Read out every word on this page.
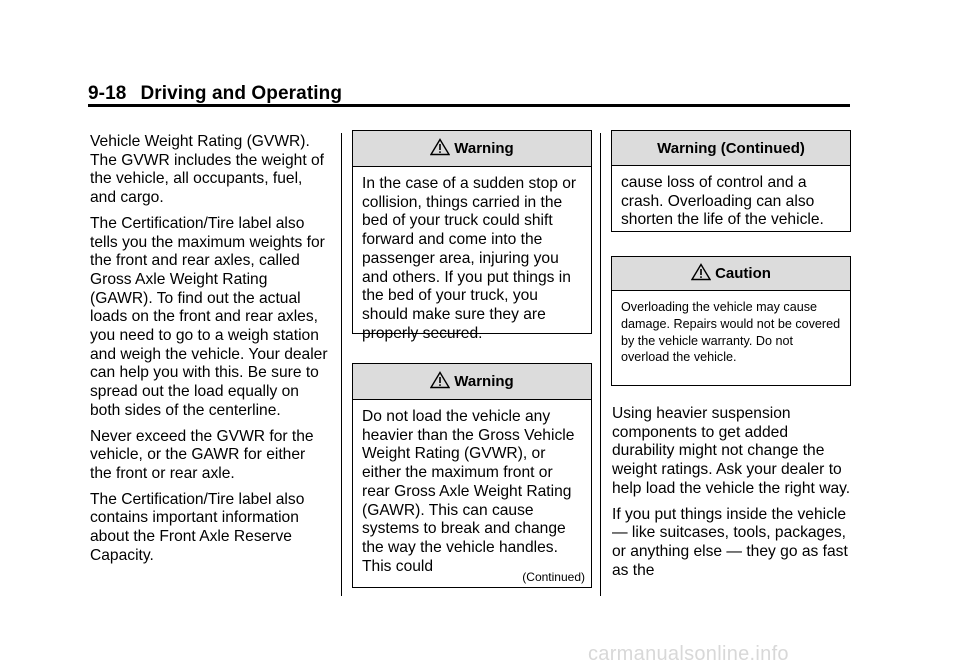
9-18 Driving and Operating

Vehicle Weight Rating (GVWR). The GVWR includes the weight of the vehicle, all occupants, fuel, and cargo.

The Certification/Tire label also tells you the maximum weights for the front and rear axles, called Gross Axle Weight Rating (GAWR). To find out the actual loads on the front and rear axles, you need to go to a weigh station and weigh the vehicle. Your dealer can help you with this. Be sure to spread out the load equally on both sides of the centerline.

Never exceed the GVWR for the vehicle, or the GAWR for either the front or rear axle.

The Certification/Tire label also contains important information about the Front Axle Reserve Capacity.

Warning
In the case of a sudden stop or collision, things carried in the bed of your truck could shift forward and come into the passenger area, injuring you and others. If you put things in the bed of your truck, you should make sure they are properly secured.
Warning
Do not load the vehicle any heavier than the Gross Vehicle Weight Rating (GVWR), or either the maximum front or rear Gross Axle Weight Rating (GAWR). This can cause systems to break and change the way the vehicle handles. This could
(Continued)
Warning (Continued)
cause loss of control and a crash. Overloading can also shorten the life of the vehicle.
Caution
Overloading the vehicle may cause damage. Repairs would not be covered by the vehicle warranty. Do not overload the vehicle.

Using heavier suspension components to get added durability might not change the weight ratings. Ask your dealer to help load the vehicle the right way.

If you put things inside the vehicle — like suitcases, tools, packages, or anything else — they go as fast as the

carmanualsonline.info
